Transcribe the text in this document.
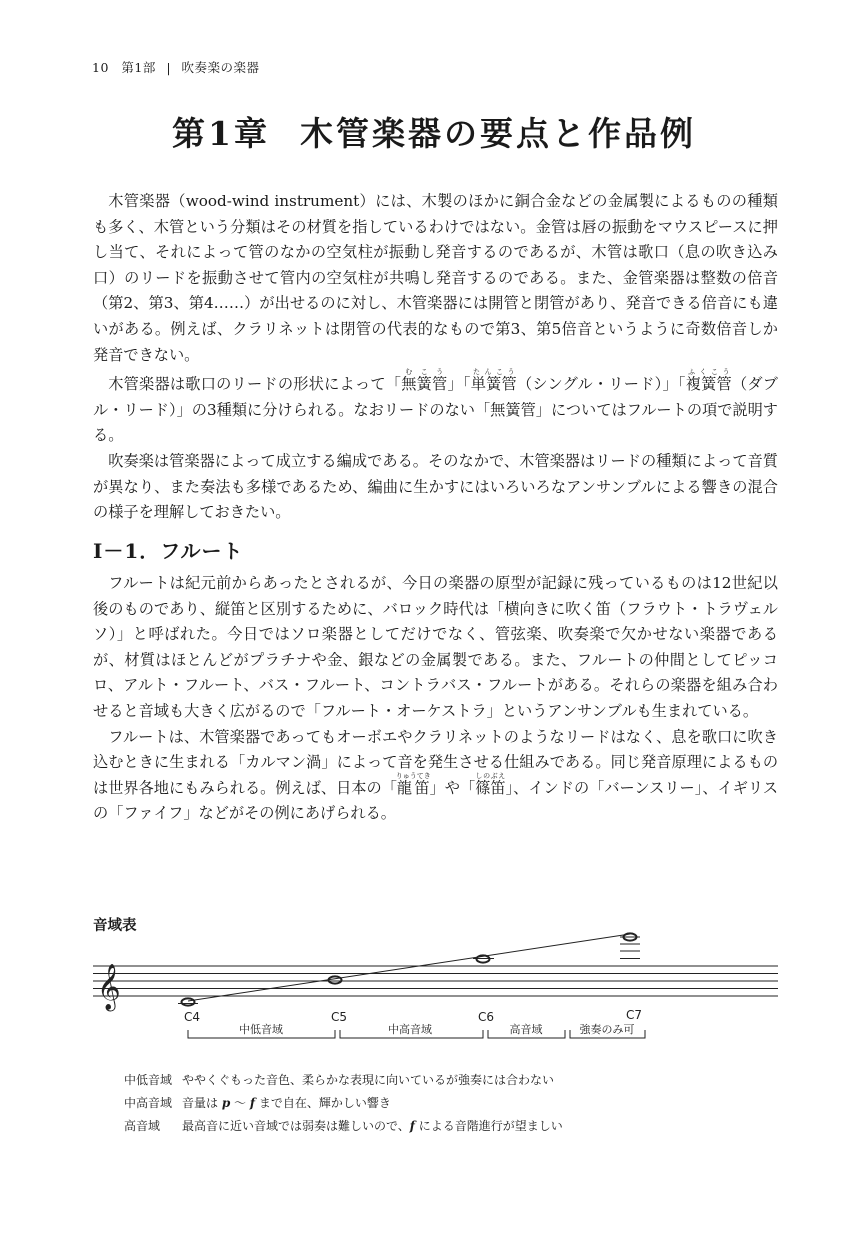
10 第1部 | 吹奏楽の楽器
第1章 木管楽器の要点と作品例

木管楽器（wood-wind instrument）には、木製のほかに銅合金などの金属製によるものの種類も多く、木管という分類はその材質を指しているわけではない。金管は唇の振動をマウスピースに押し当て、それによって管のなかの空気柱が振動し発音するのであるが、木管は歌口（息の吹き込み口）のリードを振動させて管内の空気柱が共鳴し発音するのである。また、金管楽器は整数の倍音（第2、第3、第4……）が出せるのに対し、木管楽器には開管と閉管があり、発音できる倍音にも違いがある。例えば、クラリネットは閉管の代表的なもので第3、第5倍音というように奇数倍音しか発音できない。

木管楽器は歌口のリードの形状によって「無簧管むこう」「単簧管たんこう（シングル・リード）」「複簧管ふくこう（ダブル・リード）」の3種類に分けられる。なおリードのない「無簧管」についてはフルートの項で説明する。

吹奏楽は管楽器によって成立する編成である。そのなかで、木管楽器はリードの種類によって音質が異なり、また奏法も多様であるため、編曲に生かすにはいろいろなアンサンブルによる響きの混合の様子を理解しておきたい。

Ⅰ－1．フルート

フルートは紀元前からあったとされるが、今日の楽器の原型が記録に残っているものは12世紀以後のものであり、縦笛と区別するために、バロック時代は「横向きに吹く笛（フラウト・トラヴェルソ）」と呼ばれた。今日ではソロ楽器としてだけでなく、管弦楽、吹奏楽で欠かせない楽器であるが、材質はほとんどがプラチナや金、銀などの金属製である。また、フルートの仲間としてピッコロ、アルト・フルート、バス・フルート、コントラバス・フルートがある。それらの楽器を組み合わせると音域も大きく広がるので「フルート・オーケストラ」というアンサンブルも生まれている。

フルートは、木管楽器であってもオーボエやクラリネットのようなリードはなく、息を歌口に吹き込むときに生まれる「カルマン渦」によって音を発生させる仕組みである。同じ発音原理によるものは世界各地にもみられる。例えば、日本の「龍笛りゅうてき」や「篠笛しのぶえ」、インドの「バーンスリー」、イギリスの「ファイフ」などがその例にあげられる。

音域表
𝄞
C4	C5	C6	C7
中低音域	中高音域	高音域	強奏のみ可
中低音域 ややくぐもった音色、柔らかな表現に向いているが強奏には合わない
中高音域 音量は p ～ f まで自在、輝かしい響き
高音域 最高音に近い音域では弱奏は難しいので、f による音階進行が望ましい
